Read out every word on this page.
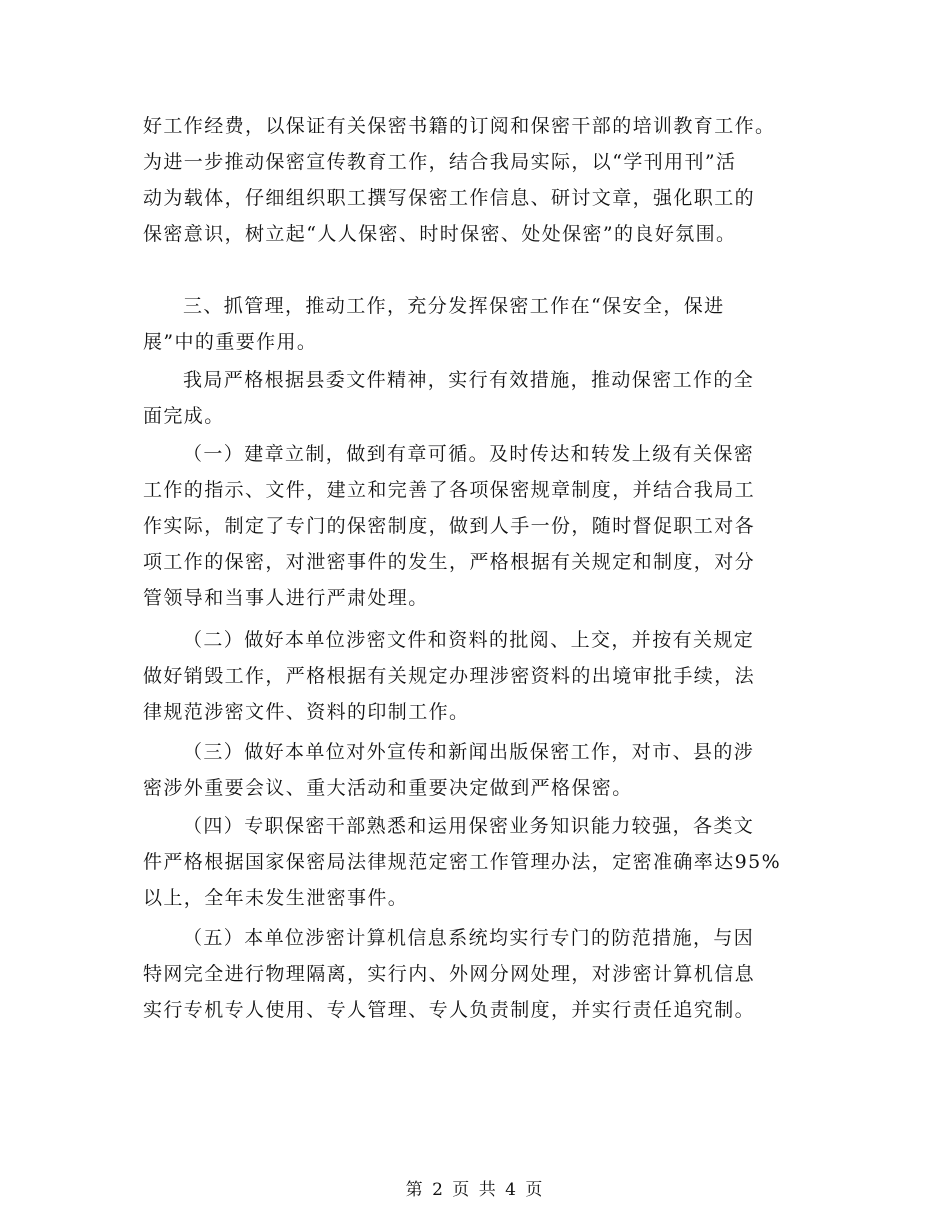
好工作经费，以保证有关保密书籍的订阅和保密干部的培训教育工作。
为进一步推动保密宣传教育工作，结合我局实际，以“学刊用刊”活
动为载体，仔细组织职工撰写保密工作信息、研讨文章，强化职工的
保密意识，树立起“人人保密、时时保密、处处保密”的良好氛围。

三、抓管理，推动工作，充分发挥保密工作在“保安全，保进
展”中的重要作用。

我局严格根据县委文件精神，实行有效措施，推动保密工作的全
面完成。

（一）建章立制，做到有章可循。及时传达和转发上级有关保密
工作的指示、文件，建立和完善了各项保密规章制度，并结合我局工
作实际，制定了专门的保密制度，做到人手一份，随时督促职工对各
项工作的保密，对泄密事件的发生，严格根据有关规定和制度，对分
管领导和当事人进行严肃处理。

（二）做好本单位涉密文件和资料的批阅、上交，并按有关规定
做好销毁工作，严格根据有关规定办理涉密资料的出境审批手续，法
律规范涉密文件、资料的印制工作。

（三）做好本单位对外宣传和新闻出版保密工作，对市、县的涉
密涉外重要会议、重大活动和重要决定做到严格保密。

（四）专职保密干部熟悉和运用保密业务知识能力较强，各类文
件严格根据国家保密局法律规范定密工作管理办法，定密准确率达95%
以上，全年未发生泄密事件。

（五）本单位涉密计算机信息系统均实行专门的防范措施，与因
特网完全进行物理隔离，实行内、外网分网处理，对涉密计算机信息
实行专机专人使用、专人管理、专人负责制度，并实行责任追究制。

第 2 页 共 4 页
